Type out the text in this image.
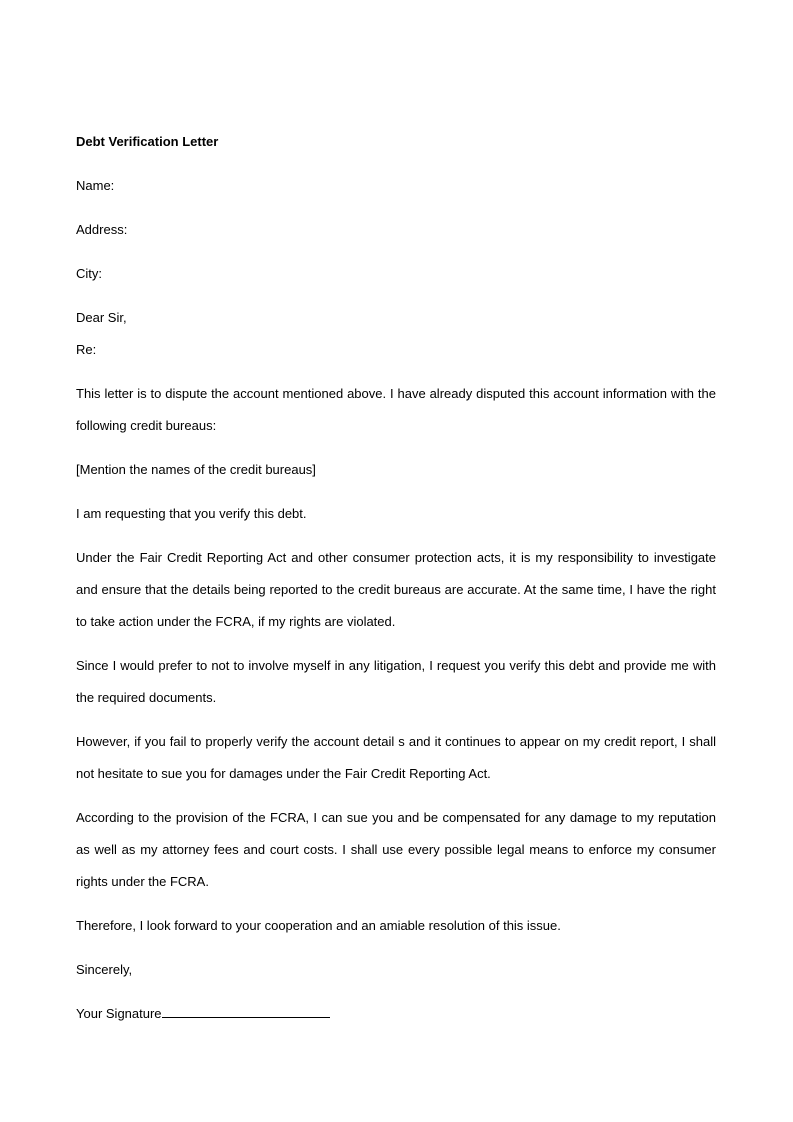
Debt Verification Letter
Name:
Address:
City:
Dear Sir,
Re:

This letter is to dispute the account mentioned above. I have already disputed this account information with the following credit bureaus:

[Mention the names of the credit bureaus]

I am requesting that you verify this debt.

Under the Fair Credit Reporting Act and other consumer protection acts, it is my responsibility to investigate and ensure that the details being reported to the credit bureaus are accurate. At the same time, I have the right to take action under the FCRA, if my rights are violated.

Since I would prefer to not to involve myself in any litigation, I request you verify this debt and provide me with the required documents.

However, if you fail to properly verify the account detail s and it continues to appear on my credit report, I shall not hesitate to sue you for damages under the Fair Credit Reporting Act.

According to the provision of the FCRA, I can sue you and be compensated for any damage to my reputation as well as my attorney fees and court costs. I shall use every possible legal means to enforce my consumer rights under the FCRA.

Therefore, I look forward to your cooperation and an amiable resolution of this issue.

Sincerely,
Your Signature
